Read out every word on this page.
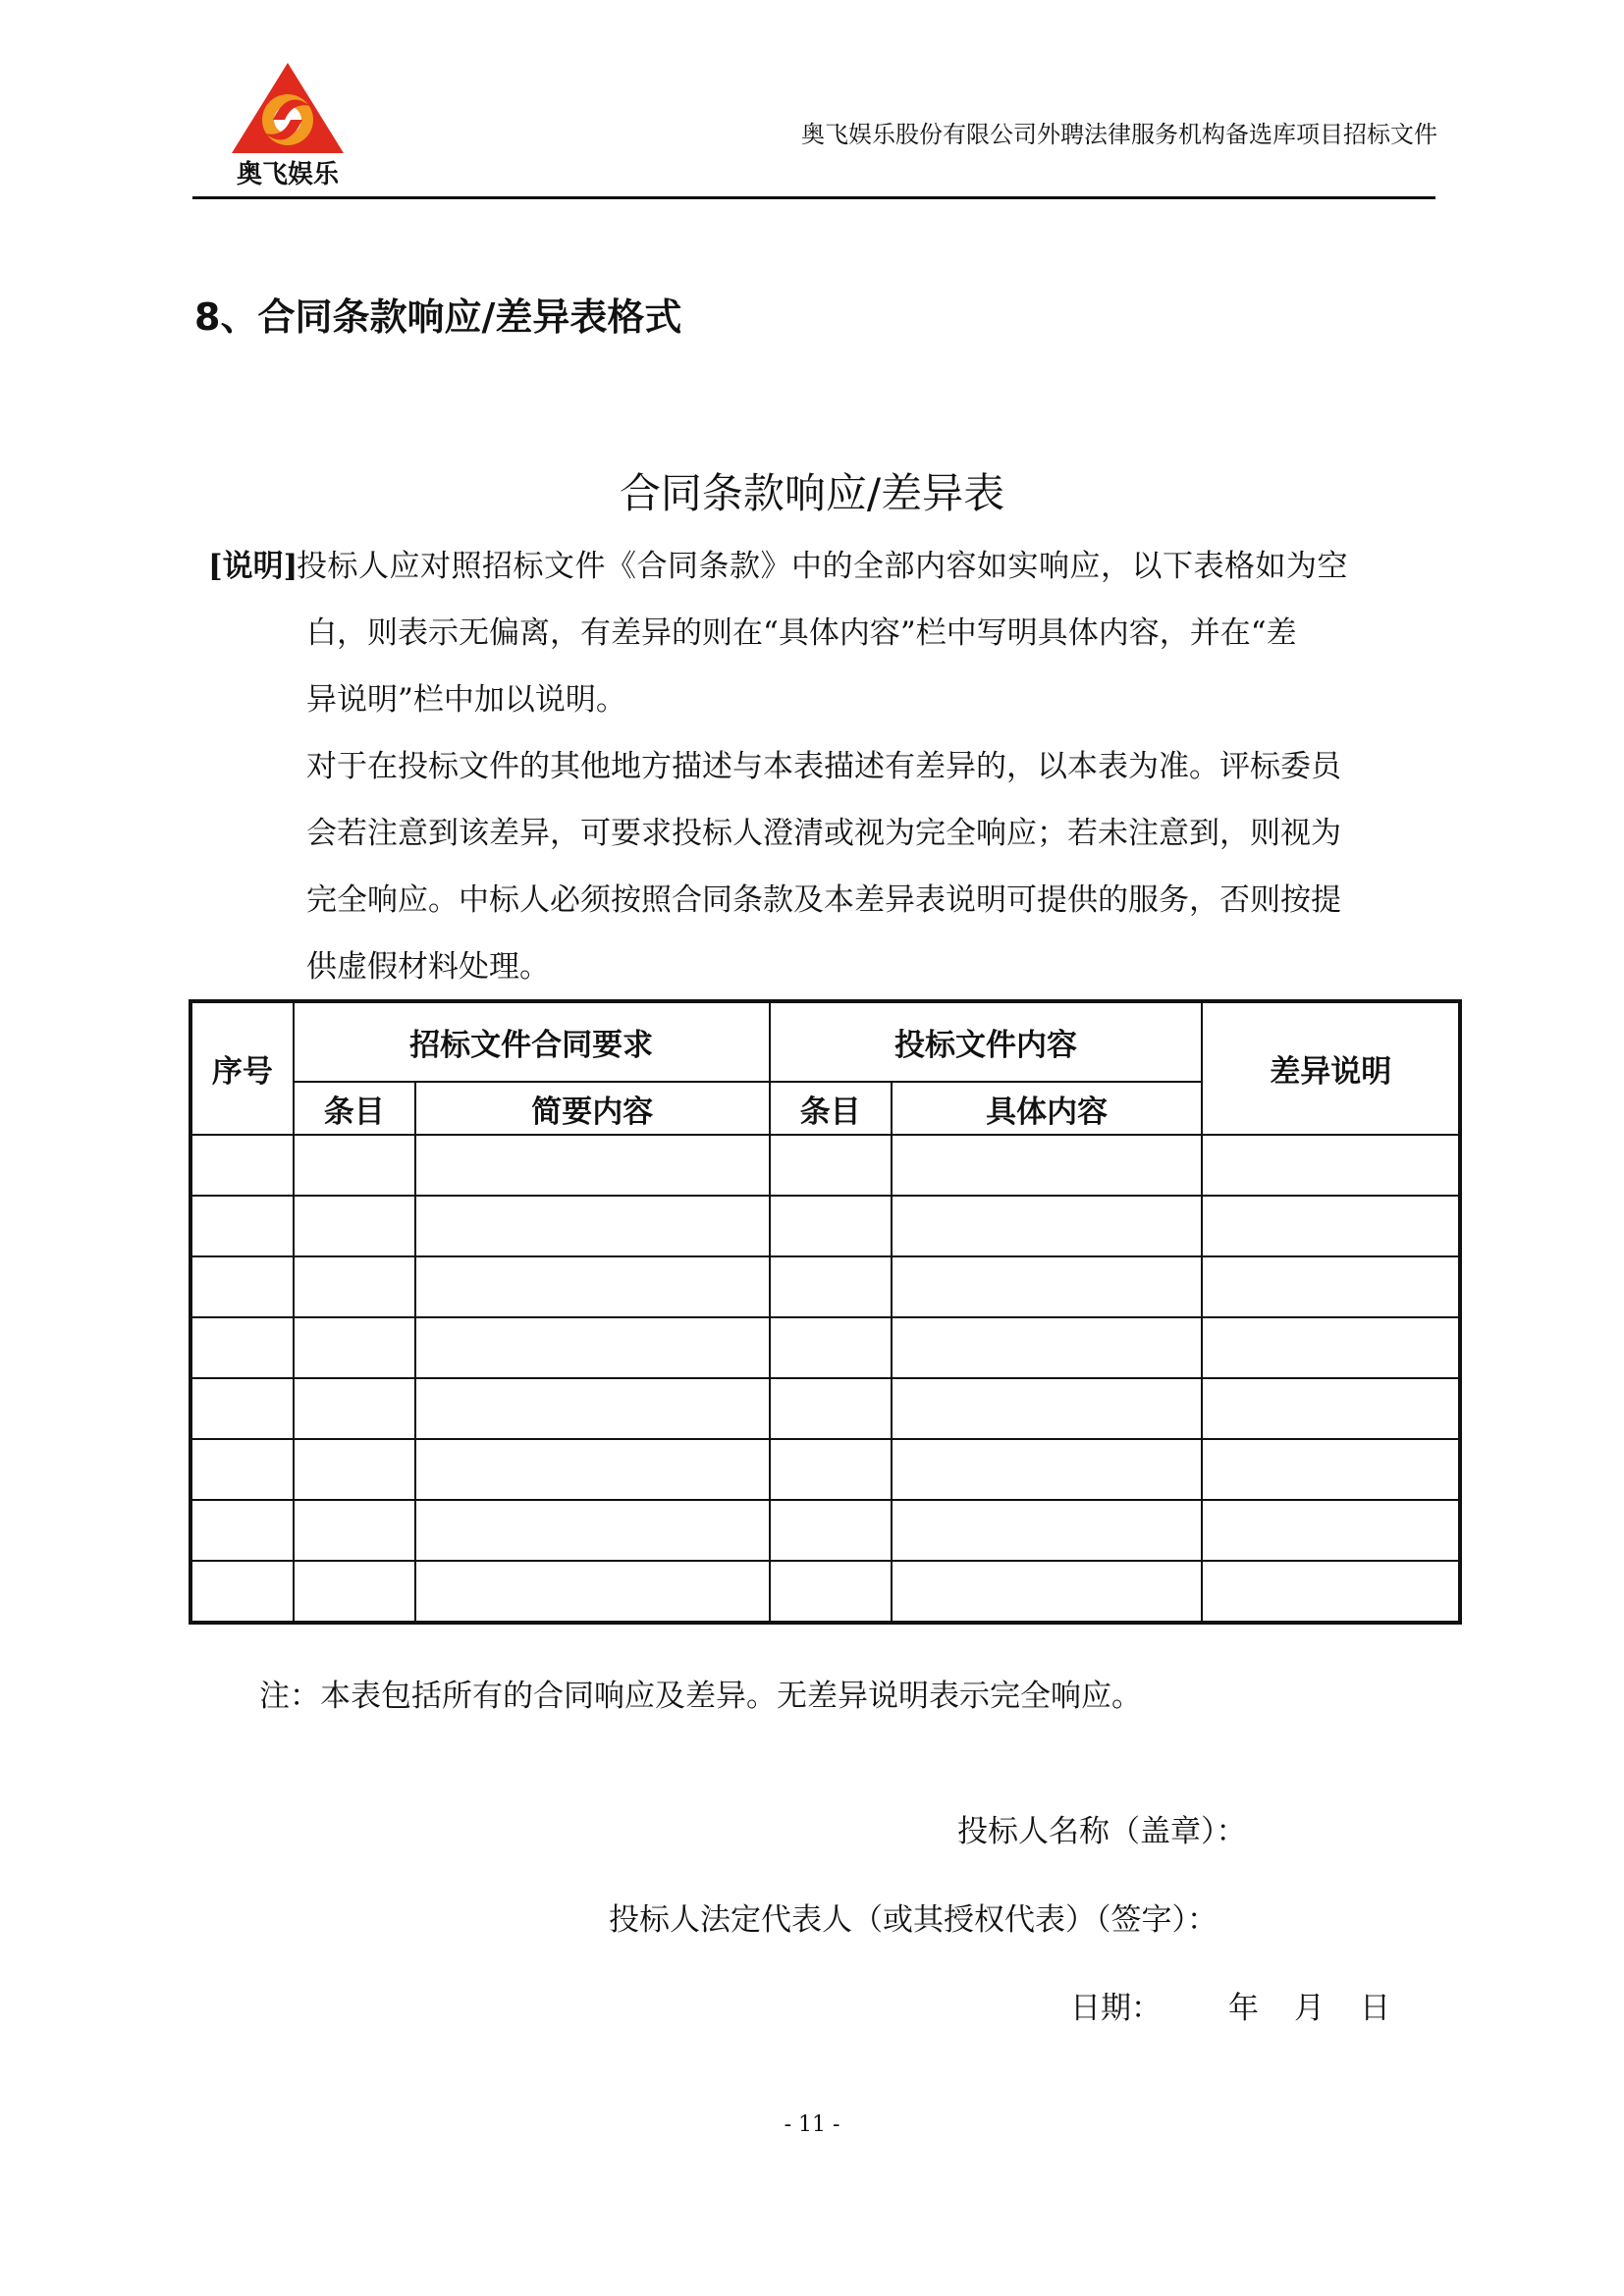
奥飞娱乐
奥飞娱乐股份有限公司外聘法律服务机构备选库项目招标文件
8、合同条款响应/差异表格式
合同条款响应/差异表
[说明]
投标人应对照招标文件《合同条款》中的全部内容如实响应，以下表格如为空
白，则表示无偏离，有差异的则在“具体内容”栏中写明具体内容，并在“差
异说明”栏中加以说明。
对于在投标文件的其他地方描述与本表描述有差异的，以本表为准。评标委员
会若注意到该差异，可要求投标人澄清或视为完全响应；若未注意到，则视为
完全响应。中标人必须按照合同条款及本差异表说明可提供的服务，否则按提
供虚假材料处理。
序号	招标文件合同要求		投标文件内容		差异说明
	条目	简要内容	条目	具体内容	

注：本表包括所有的合同响应及差异。无差异说明表示完全响应。
投标人名称（盖章）：
投标人法定代表人（或其授权代表）（签字）：
日期： 年 月 日
- 11 -
